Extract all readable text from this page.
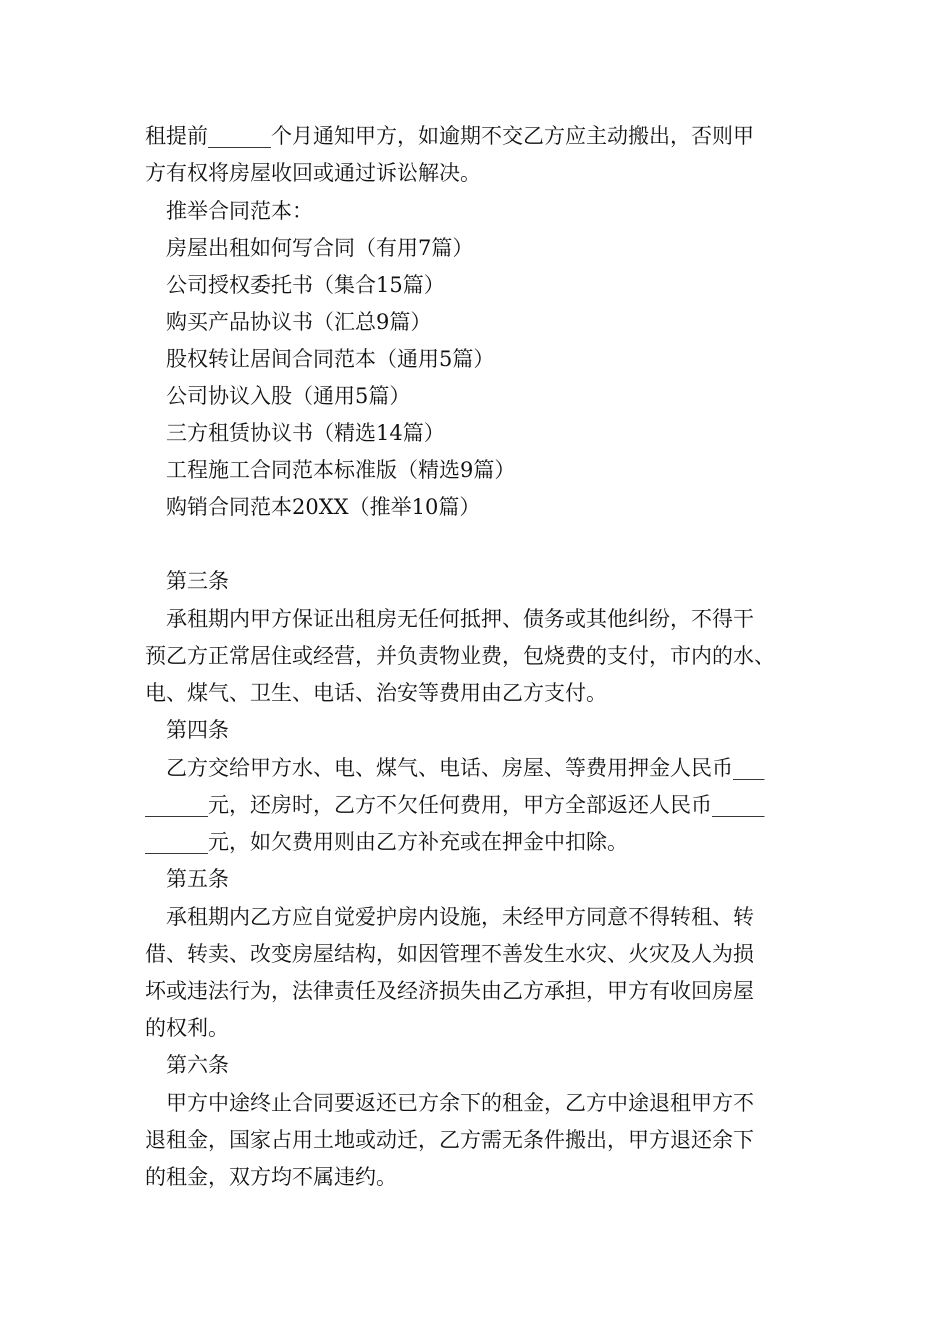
租提前______个月通知甲方，如逾期不交乙方应主动搬出，否则甲
方有权将房屋收回或通过诉讼解决。
推举合同范本：
房屋出租如何写合同（有用7篇）
公司授权委托书（集合15篇）
购买产品协议书（汇总9篇）
股权转让居间合同范本（通用5篇）
公司协议入股（通用5篇）
三方租赁协议书（精选14篇）
工程施工合同范本标准版（精选9篇）
购销合同范本20XX（推举10篇）
第三条
承租期内甲方保证出租房无任何抵押、债务或其他纠纷，不得干
预乙方正常居住或经营，并负责物业费，包烧费的支付，市内的水、
电、煤气、卫生、电话、治安等费用由乙方支付。
第四条
乙方交给甲方水、电、煤气、电话、房屋、等费用押金人民币___
______元，还房时，乙方不欠任何费用，甲方全部返还人民币_____
______元，如欠费用则由乙方补充或在押金中扣除。
第五条
承租期内乙方应自觉爱护房内设施，未经甲方同意不得转租、转
借、转卖、改变房屋结构，如因管理不善发生水灾、火灾及人为损
坏或违法行为，法律责任及经济损失由乙方承担，甲方有收回房屋
的权利。
第六条
甲方中途终止合同要返还已方余下的租金，乙方中途退租甲方不
退租金，国家占用土地或动迁，乙方需无条件搬出，甲方退还余下
的租金，双方均不属违约。
